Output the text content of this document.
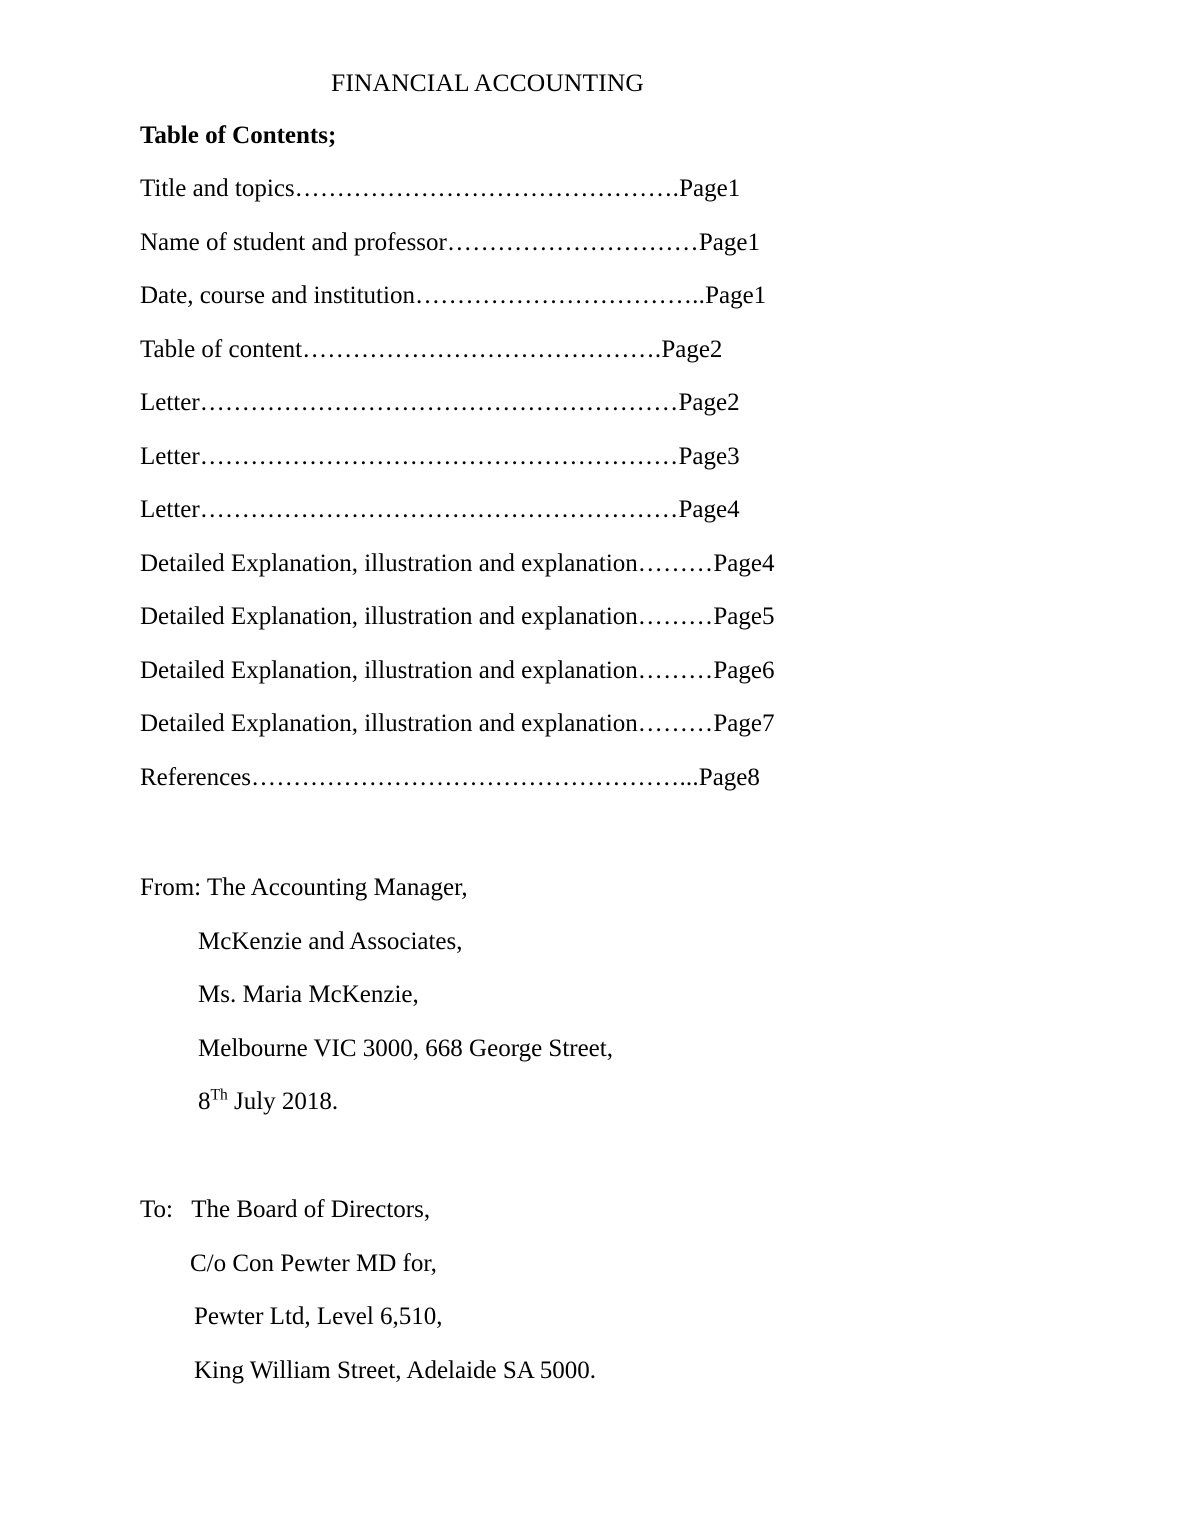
FINANCIAL ACCOUNTING
Table of Contents;
Title and topics……………………………………….Page1
Name of student and professor…………………………Page1
Date, course and institution……………………………..Page1
Table of content…………………………………….Page2
Letter…………………………………………………Page2
Letter…………………………………………………Page3
Letter…………………………………………………Page4
Detailed Explanation, illustration and explanation………Page4
Detailed Explanation, illustration and explanation………Page5
Detailed Explanation, illustration and explanation………Page6
Detailed Explanation, illustration and explanation………Page7
References……………………………………………...Page8
From: The Accounting Manager,
McKenzie and Associates,
Ms. Maria McKenzie,
Melbourne VIC 3000, 668 George Street,
8Th July 2018.
To:   The Board of Directors,
C/o Con Pewter MD for,
Pewter Ltd, Level 6,510,
King William Street, Adelaide SA 5000.
